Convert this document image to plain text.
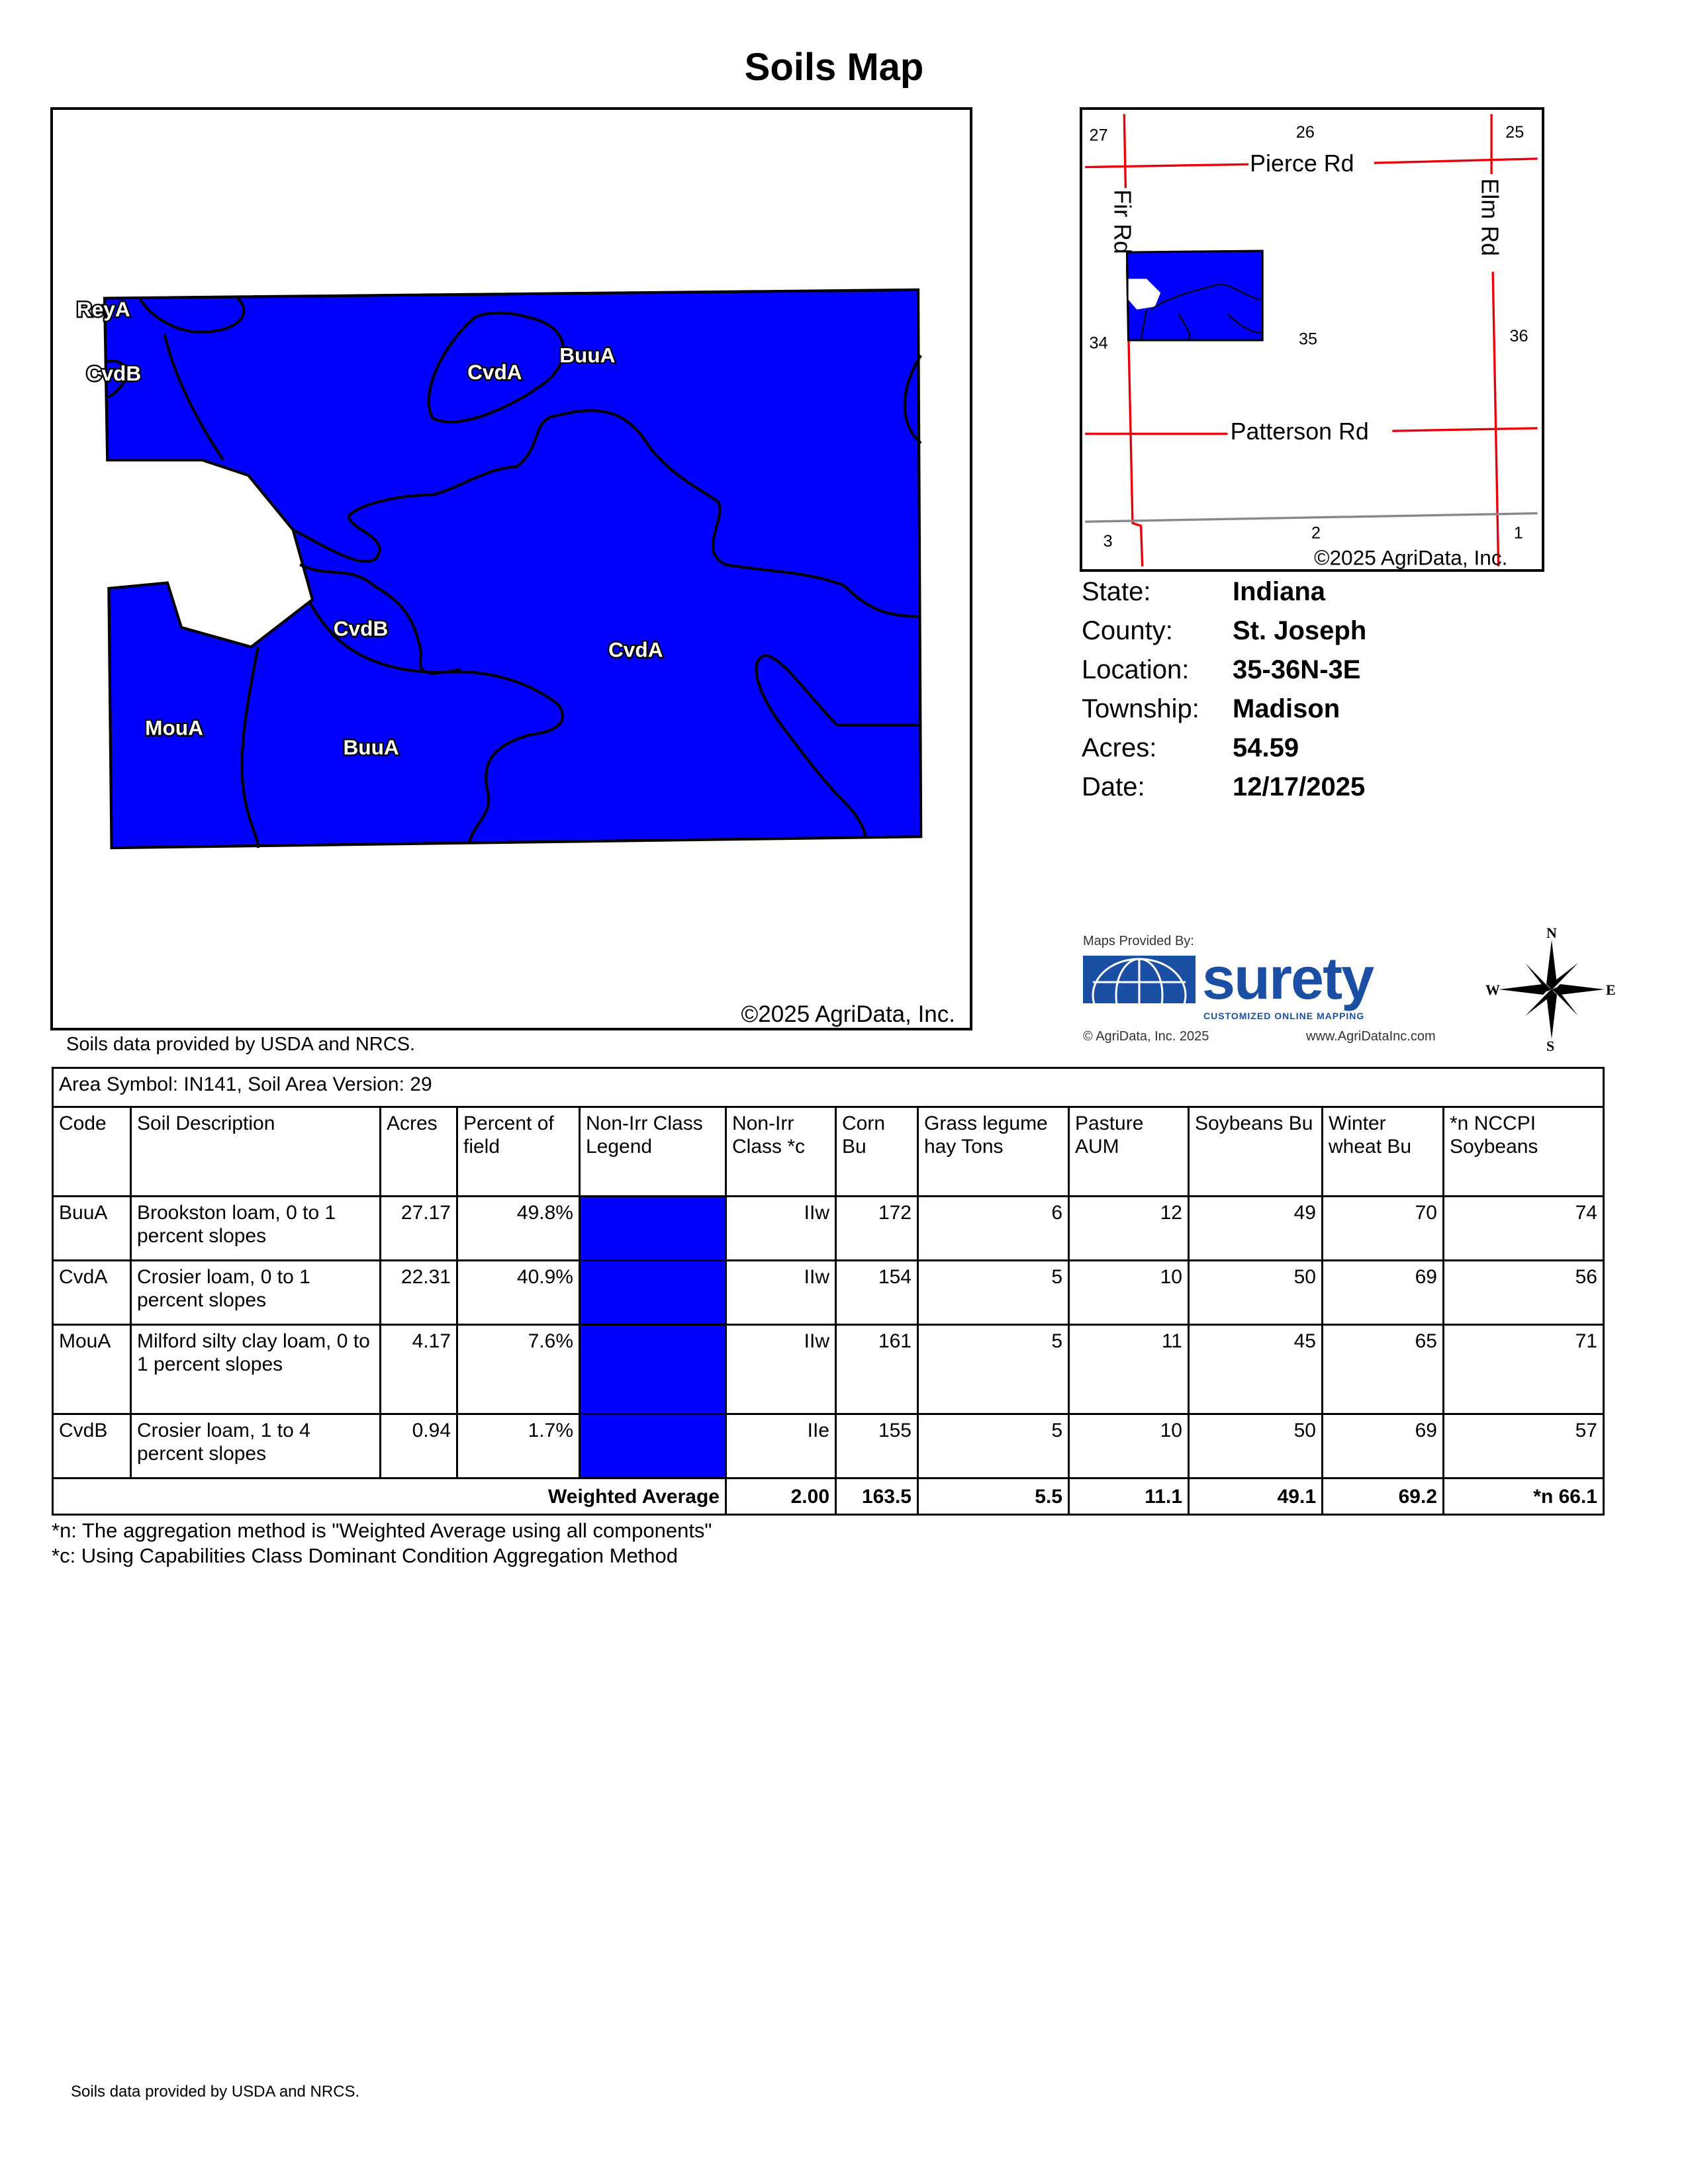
Soils Map
ReyA
CvdB	CvdA
BuuA
CvdB
CvdA
MouA
BuuA
©2025 AgriData, Inc.
Soils data provided by USDA and NRCS.
27	26	25
34	35	36
3	2	1
Pierce Rd
Fir Rd	Elm Rd
Patterson Rd
©2025 AgriData, Inc.
State:	Indiana
County:	St. Joseph
Location:	35-36N-3E
Township:	Madison
Acres:	54.59
Date:	12/17/2025
Maps Provided By:
surety
CUSTOMIZED ONLINE MAPPING
© AgriData, Inc. 2025	www.AgriDataInc.com
N
S
W	E
Area Symbol: IN141, Soil Area Version: 29											
Code	Soil Description	Acres	Percent of field	Non-Irr Class Legend	Non-Irr Class *c	Corn Bu	Grass legume hay Tons	Pasture AUM	Soybeans Bu	Winter wheat Bu	*n NCCPI Soybeans
BuuA	Brookston loam, 0 to 1 percent slopes	27.17	49.8%		IIw	172	6	12	49	70	74
CvdA	Crosier loam, 0 to 1 percent slopes	22.31	40.9%		IIw	154	5	10	50	69	56
MouA	Milford silty clay loam, 0 to 1 percent slopes	4.17	7.6%		IIw	161	5	11	45	65	71
CvdB	Crosier loam, 1 to 4 percent slopes	0.94	1.7%		IIe	155	5	10	50	69	57
Weighted Average					2.00	163.5	5.5	11.1	49.1	69.2	*n 66.1
*n: The aggregation method is "Weighted Average using all components"
*c: Using Capabilities Class Dominant Condition Aggregation Method
Soils data provided by USDA and NRCS.
